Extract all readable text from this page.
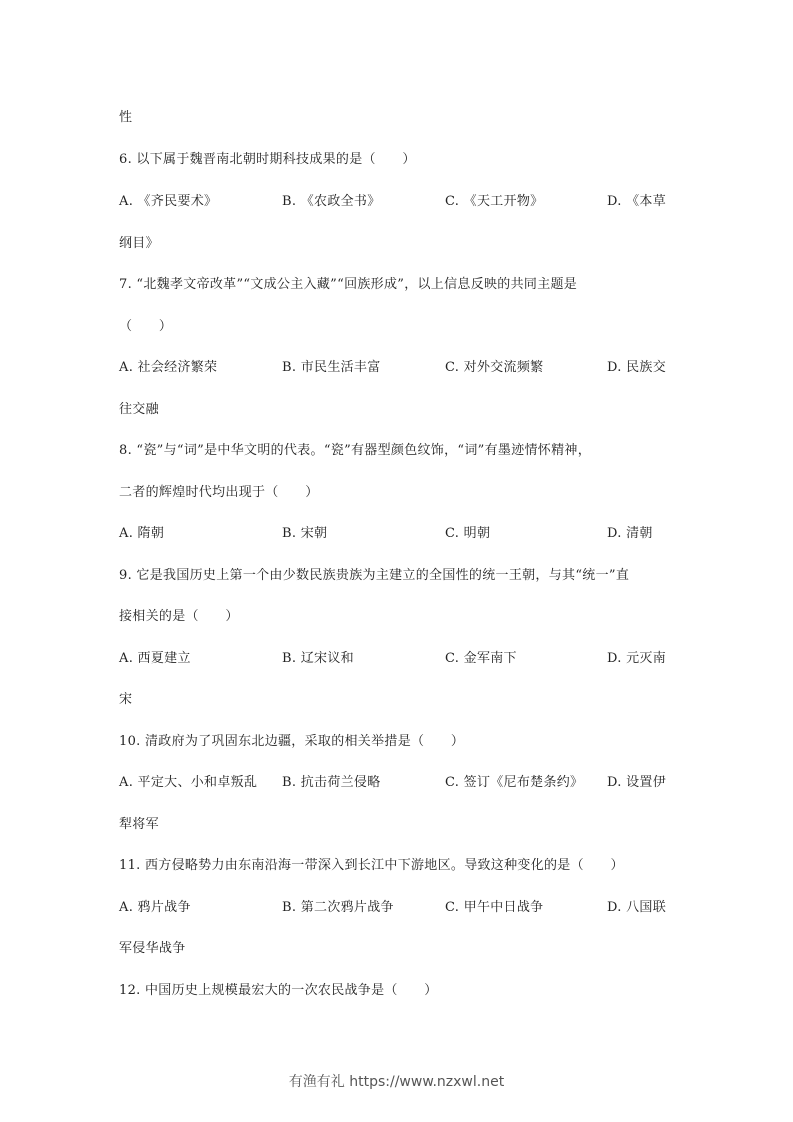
性
6. 以下属于魏晋南北朝时期科技成果的是（　　）
A. 《齐民要术》	B. 《农政全书》	C. 《天工开物》	D. 《本草
纲目》
7. “北魏孝文帝改革”“文成公主入藏”“回族形成”，以上信息反映的共同主题是
（　　）
A. 社会经济繁荣	B. 市民生活丰富	C. 对外交流频繁	D. 民族交
往交融
8. “瓷”与“词”是中华文明的代表。“瓷”有器型颜色纹饰，“词”有墨迹情怀精神，
二者的辉煌时代均出现于（　　）
A. 隋朝	B. 宋朝	C. 明朝	D. 清朝
9. 它是我国历史上第一个由少数民族贵族为主建立的全国性的统一王朝，与其“统一”直
接相关的是（　　）
A. 西夏建立	B. 辽宋议和	C. 金军南下	D. 元灭南
宋
10. 清政府为了巩固东北边疆，采取的相关举措是（　　）
A. 平定大、小和卓叛乱 B. 抗击荷兰侵略	C. 签订《尼布楚条约》 D. 设置伊
犁将军
11. 西方侵略势力由东南沿海一带深入到长江中下游地区。导致这种变化的是（　　）
A. 鸦片战争	B. 第二次鸦片战争	C. 甲午中日战争	D. 八国联
军侵华战争
12. 中国历史上规模最宏大的一次农民战争是（　　）
有渔有礼 https://www.nzxwl.net
